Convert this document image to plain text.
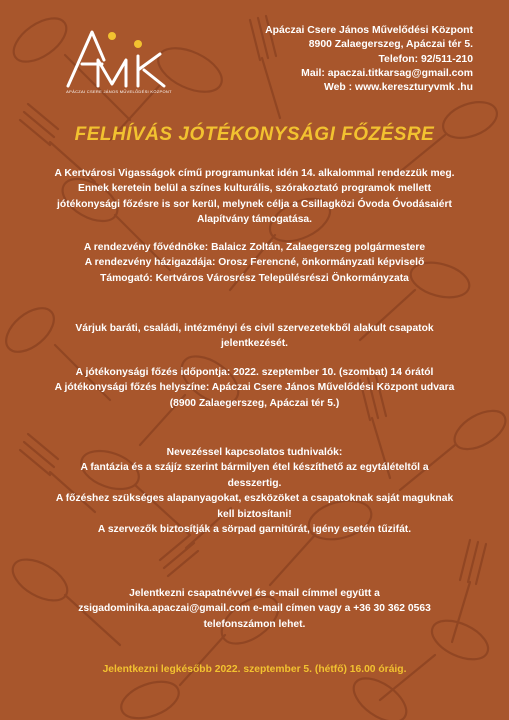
APÁCZAI CSERE JÁNOS MŰVELŐDÉSI KÖZPONT
Apáczai Csere János Művelődési Központ
8900 Zalaegerszeg, Apáczai tér 5.
Telefon: 92/511-210
Mail: apaczai.titkarsag@gmail.com
Web : www.kereszturyvmk .hu
FELHÍVÁS JÓTÉKONYSÁGI FŐZÉSRE
A Kertvárosi Vigasságok című programunkat idén 14. alkalommal rendezzük meg.
Ennek keretein belül a színes kulturális, szórakoztató programok mellett
jótékonysági főzésre is sor kerül, melynek célja a Csillagközi Óvoda Óvodásaiért
Alapítvány támogatása.
A rendezvény fővédnöke: Balaicz Zoltán, Zalaegerszeg polgármestere
A rendezvény házigazdája: Orosz Ferencné, önkormányzati képviselő
Támogató: Kertváros Városrész Településrészi Önkormányzata
Várjuk baráti, családi, intézményi és civil szervezetekből alakult csapatok
jelentkezését.
A jótékonysági főzés időpontja: 2022. szeptember 10. (szombat) 14 órától
A jótékonysági főzés helyszíne: Apáczai Csere János Művelődési Központ udvara
(8900 Zalaegerszeg, Apáczai tér 5.)
Nevezéssel kapcsolatos tudnivalók:
A fantázia és a szájíz szerint bármilyen étel készíthető az egytálételtől a
desszertig.
A főzéshez szükséges alapanyagokat, eszközöket a csapatoknak saját maguknak
kell biztosítani!
A szervezők biztosítják a sörpad garnitúrát, igény esetén tűzifát.
Jelentkezni csapatnévvel és e-mail címmel együtt a
zsigadominika.apaczai@gmail.com e-mail címen vagy a +36 30 362 0563
telefonszámon lehet.
Jelentkezni legkésőbb 2022. szeptember 5. (hétfő) 16.00 óráig.
